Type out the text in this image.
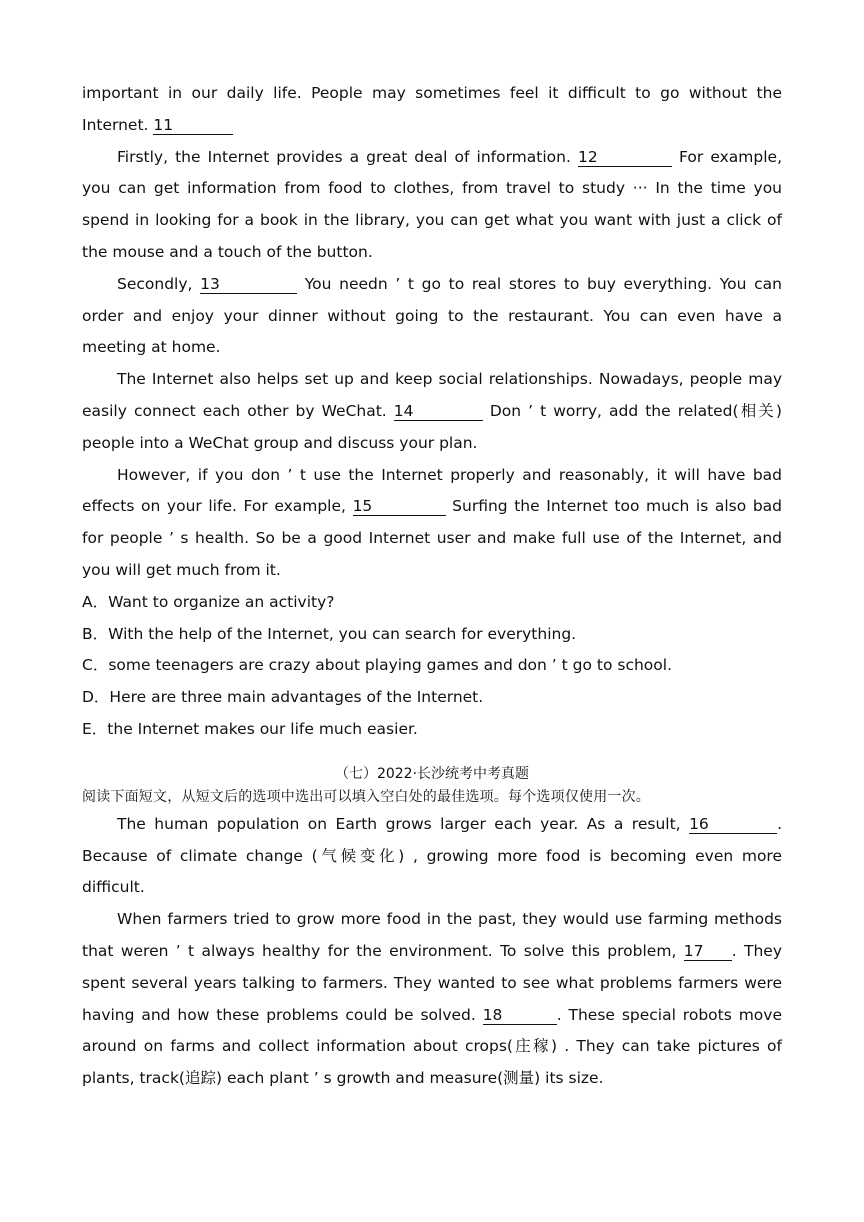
important in our daily life. People may sometimes feel it difficult to go without the Internet. 11

Firstly, the Internet provides a great deal of information. 12	For example, you can get information from food to clothes, from travel to study ··· In the time you spend in looking for a book in the library, you can get what you want with just a click of the mouse and a touch of the button.

Secondly, 13	You needn ’ t go to real stores to buy everything. You can order and enjoy your dinner without going to the restaurant. You can even have a meeting at home.

The Internet also helps set up and keep social relationships. Nowadays, people may easily connect each other by WeChat. 14	Don ’ t worry, add the related(相关) people into a WeChat group and discuss your plan.

However, if you don ’ t use the Internet properly and reasonably, it will have bad effects on your life. For example, 15	Surfing the Internet too much is also bad for people ’ s health. So be a good Internet user and make full use of the Internet, and you will get much from it.

A．Want to organize an activity?

B．With the help of the Internet, you can search for everything.

C．some teenagers are crazy about playing games and don ’ t go to school.

D．Here are three main advantages of the Internet.

E．the Internet makes our life much easier.

（七）2022·长沙统考中考真题

阅读下面短文，从短文后的选项中选出可以填入空白处的最佳选项。每个选项仅使用一次。

The human population on Earth grows larger each year. As a result, 16	. Because of climate change (气候变化) , growing more food is becoming even more difficult.

When farmers tried to grow more food in the past, they would use farming methods that weren ’ t always healthy for the environment. To solve this problem, 17 . They spent several years talking to farmers. They wanted to see what problems farmers were having and how these problems could be solved. 18	. These special robots move around on farms and collect information about crops(庄稼) . They can take pictures of plants, track(追踪) each plant ’ s growth and measure(测量) its size.
